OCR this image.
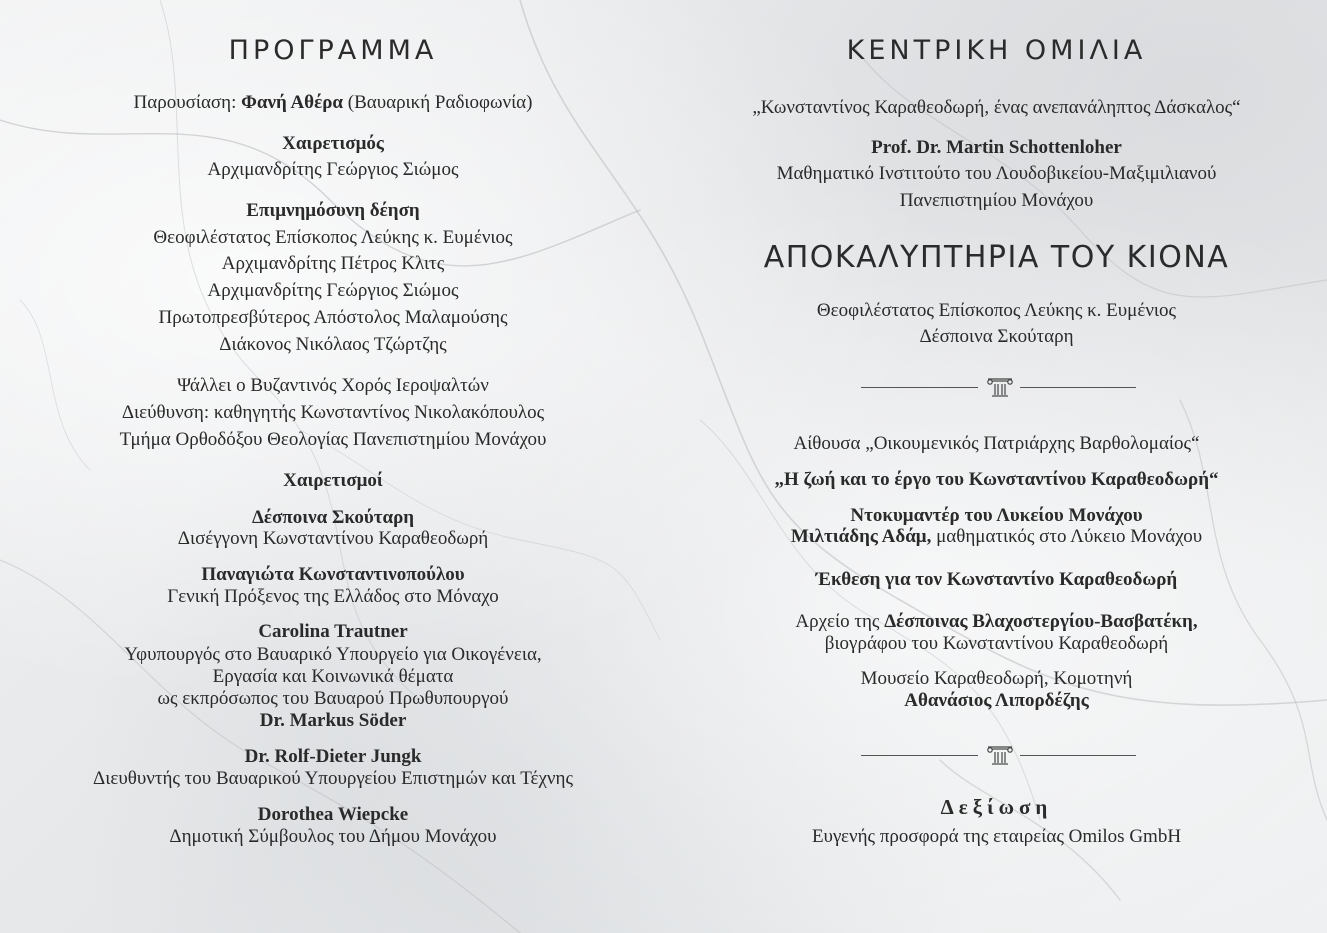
ΠΡΟΓΡΑΜΜΑ
Παρουσίαση: Φανή Αθέρα (Βαυαρική Ραδιοφωνία)
Χαιρετισμός
Αρχιμανδρίτης Γεώργιος Σιώμος
Επιμνημόσυνη δέηση
Θεοφιλέστατος Επίσκοπος Λεύκης κ. Ευμένιος
Αρχιμανδρίτης Πέτρος Κλιτς
Αρχιμανδρίτης Γεώργιος Σιώμος
Πρωτοπρεσβύτερος Απόστολος Μαλαμούσης
Διάκονος Νικόλαος Τζώρτζης
Ψάλλει ο Βυζαντινός Χορός Ιεροψαλτών
Διεύθυνση: καθηγητής Κωνσταντίνος Νικολακόπουλος
Τμήμα Ορθοδόξου Θεολογίας Πανεπιστημίου Μονάχου
Χαιρετισμοί
Δέσποινα Σκούταρη
Δισέγγονη Κωνσταντίνου Καραθεοδωρή
Παναγιώτα Κωνσταντινοπούλου
Γενική Πρόξενος της Ελλάδος στο Μόναχο
Carolina Trautner
Υφυπουργός στο Βαυαρικό Υπουργείο για Οικογένεια,
Εργασία και Κοινωνικά θέματα
ως εκπρόσωπος του Βαυαρού Πρωθυπουργού
Dr. Markus Söder
Dr. Rolf-Dieter Jungk
Διευθυντής του Βαυαρικού Υπουργείου Επιστημών και Τέχνης
Dorothea Wiepcke
Δημοτική Σύμβουλος του Δήμου Μονάχου
ΚΕΝΤΡΙΚΗ ΟΜΙΛΙΑ
„Κωνσταντίνος Καραθεοδωρή, ένας ανεπανάληπτος Δάσκαλος“
Prof. Dr. Martin Schottenloher
Μαθηματικό Ινστιτούτο του Λουδοβικείου-Μαξιμιλιανού
Πανεπιστημίου Μονάχου
ΑΠΟΚΑΛΥΠΤΗΡΙΑ ΤΟΥ ΚΙΟΝΑ
Θεοφιλέστατος Επίσκοπος Λεύκης κ. Ευμένιος
Δέσποινα Σκούταρη
Αίθουσα „Οικουμενικός Πατριάρχης Βαρθολομαίος“
„Η ζωή και το έργο του Κωνσταντίνου Καραθεοδωρή“
Ντοκυμαντέρ του Λυκείου Μονάχου
Μιλτιάδης Αδάμ, μαθηματικός στο Λύκειο Μονάχου
Έκθεση για τον Κωνσταντίνο Καραθεοδωρή
Αρχείο της Δέσποινας Βλαχοστεργίου-Βασβατέκη,
βιογράφου του Κωνσταντίνου Καραθεοδωρή
Μουσείο Καραθεοδωρή, Κομοτηνή
Αθανάσιος Λιπορδέζης
Δεξίωση
Ευγενής προσφορά της εταιρείας Omilos GmbH
